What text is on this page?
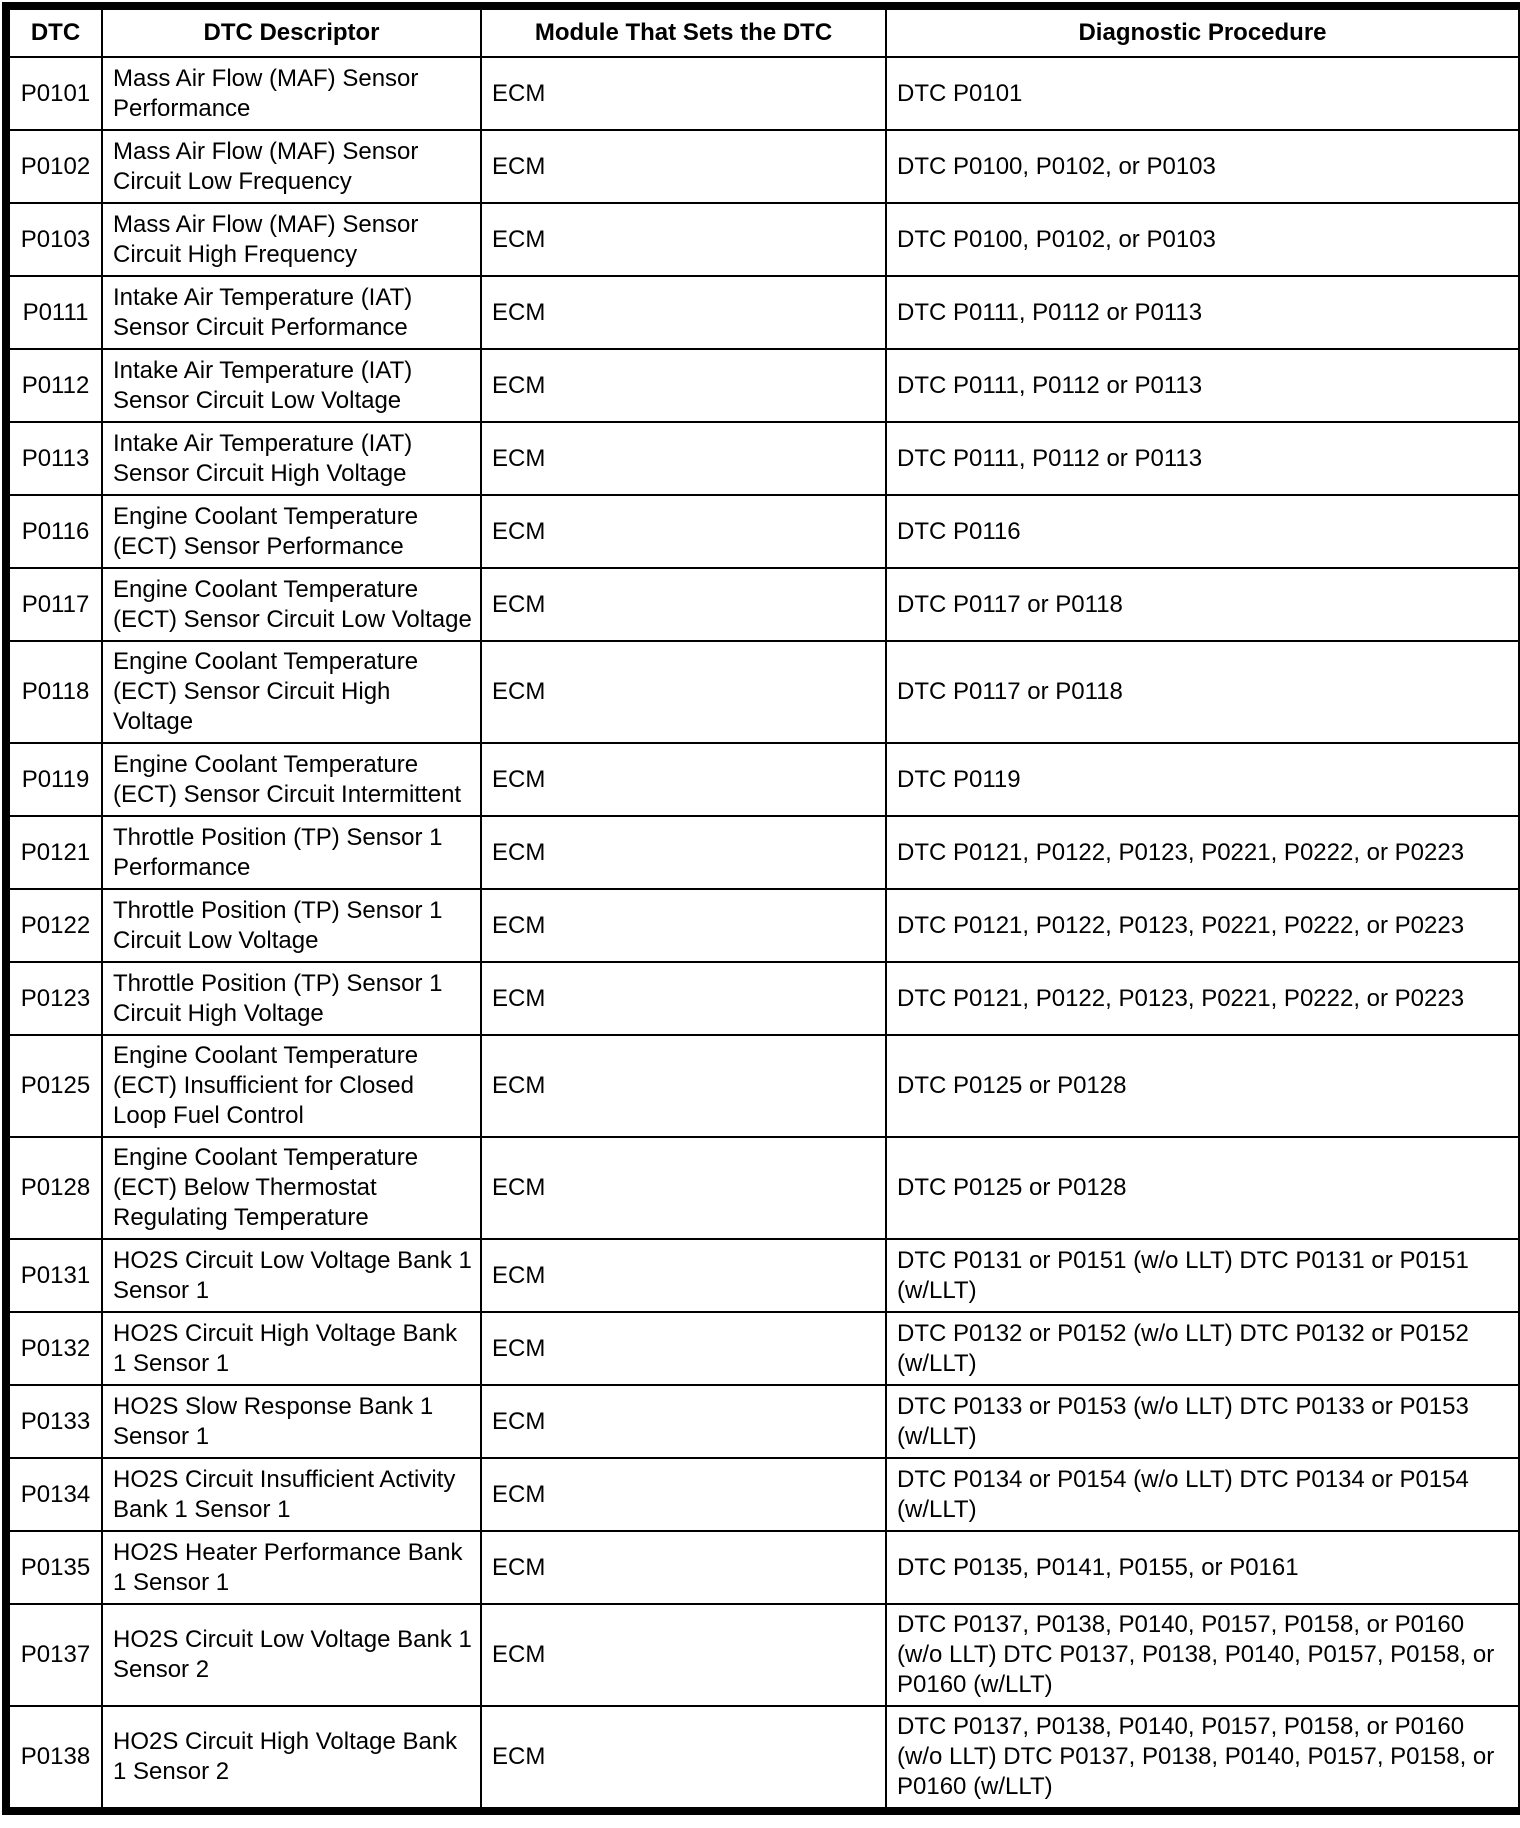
DTC	DTC Descriptor	Module That Sets the DTC	Diagnostic Procedure
P0101	Mass Air Flow (MAF) Sensor Performance	ECM	DTC P0101
P0102	Mass Air Flow (MAF) Sensor Circuit Low Frequency	ECM	DTC P0100, P0102, or P0103
P0103	Mass Air Flow (MAF) Sensor Circuit High Frequency	ECM	DTC P0100, P0102, or P0103
P0111	Intake Air Temperature (IAT) Sensor Circuit Performance	ECM	DTC P0111, P0112 or P0113
P0112	Intake Air Temperature (IAT) Sensor Circuit Low Voltage	ECM	DTC P0111, P0112 or P0113
P0113	Intake Air Temperature (IAT) Sensor Circuit High Voltage	ECM	DTC P0111, P0112 or P0113
P0116	Engine Coolant Temperature (ECT) Sensor Performance	ECM	DTC P0116
P0117	Engine Coolant Temperature (ECT) Sensor Circuit Low Voltage	ECM	DTC P0117 or P0118
P0118	Engine Coolant Temperature (ECT) Sensor Circuit High Voltage	ECM	DTC P0117 or P0118
P0119	Engine Coolant Temperature (ECT) Sensor Circuit Intermittent	ECM	DTC P0119
P0121	Throttle Position (TP) Sensor 1 Performance	ECM	DTC P0121, P0122, P0123, P0221, P0222, or P0223
P0122	Throttle Position (TP) Sensor 1 Circuit Low Voltage	ECM	DTC P0121, P0122, P0123, P0221, P0222, or P0223
P0123	Throttle Position (TP) Sensor 1 Circuit High Voltage	ECM	DTC P0121, P0122, P0123, P0221, P0222, or P0223
P0125	Engine Coolant Temperature (ECT) Insufficient for Closed Loop Fuel Control	ECM	DTC P0125 or P0128
P0128	Engine Coolant Temperature (ECT) Below Thermostat Regulating Temperature	ECM	DTC P0125 or P0128
P0131	HO2S Circuit Low Voltage Bank 1 Sensor 1	ECM	DTC P0131 or P0151 (w/o LLT) DTC P0131 or P0151 (w/LLT)
P0132	HO2S Circuit High Voltage Bank 1 Sensor 1	ECM	DTC P0132 or P0152 (w/o LLT) DTC P0132 or P0152 (w/LLT)
P0133	HO2S Slow Response Bank 1 Sensor 1	ECM	DTC P0133 or P0153 (w/o LLT) DTC P0133 or P0153 (w/LLT)
P0134	HO2S Circuit Insufficient Activity Bank 1 Sensor 1	ECM	DTC P0134 or P0154 (w/o LLT) DTC P0134 or P0154 (w/LLT)
P0135	HO2S Heater Performance Bank 1 Sensor 1	ECM	DTC P0135, P0141, P0155, or P0161
P0137	HO2S Circuit Low Voltage Bank 1 Sensor 2	ECM	DTC P0137, P0138, P0140, P0157, P0158, or P0160 (w/o LLT) DTC P0137, P0138, P0140, P0157, P0158, or P0160 (w/LLT)
P0138	HO2S Circuit High Voltage Bank 1 Sensor 2	ECM	DTC P0137, P0138, P0140, P0157, P0158, or P0160 (w/o LLT) DTC P0137, P0138, P0140, P0157, P0158, or P0160 (w/LLT)
